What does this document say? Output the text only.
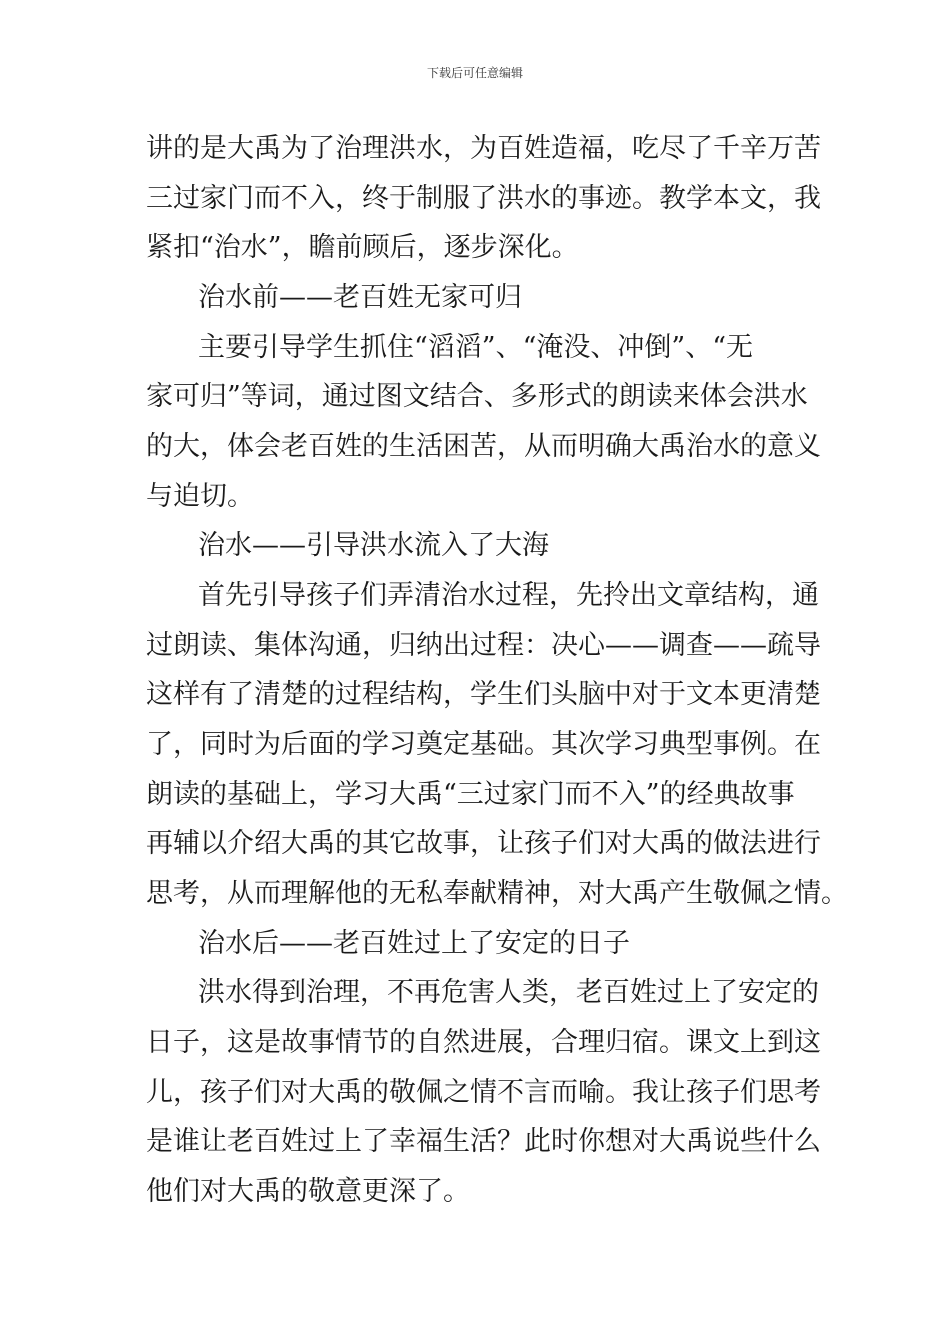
下载后可任意编辑
讲的是大禹为了治理洪水，为百姓造福，吃尽了千辛万苦
三过家门而不入，终于制服了洪水的事迹。教学本文，我
紧扣“治水”，瞻前顾后，逐步深化。
治水前——老百姓无家可归
主要引导学生抓住“滔滔”、“淹没、冲倒”、“无
家可归”等词，通过图文结合、多形式的朗读来体会洪水
的大，体会老百姓的生活困苦，从而明确大禹治水的意义
与迫切。
治水——引导洪水流入了大海
首先引导孩子们弄清治水过程，先拎出文章结构，通
过朗读、集体沟通，归纳出过程：决心——调查——疏导
这样有了清楚的过程结构，学生们头脑中对于文本更清楚
了，同时为后面的学习奠定基础。其次学习典型事例。在
朗读的基础上，学习大禹“三过家门而不入”的经典故事
再辅以介绍大禹的其它故事，让孩子们对大禹的做法进行
思考，从而理解他的无私奉献精神，对大禹产生敬佩之情。
治水后——老百姓过上了安定的日子
洪水得到治理，不再危害人类，老百姓过上了安定的
日子，这是故事情节的自然进展，合理归宿。课文上到这
儿，孩子们对大禹的敬佩之情不言而喻。我让孩子们思考
是谁让老百姓过上了幸福生活？此时你想对大禹说些什么
他们对大禹的敬意更深了。
